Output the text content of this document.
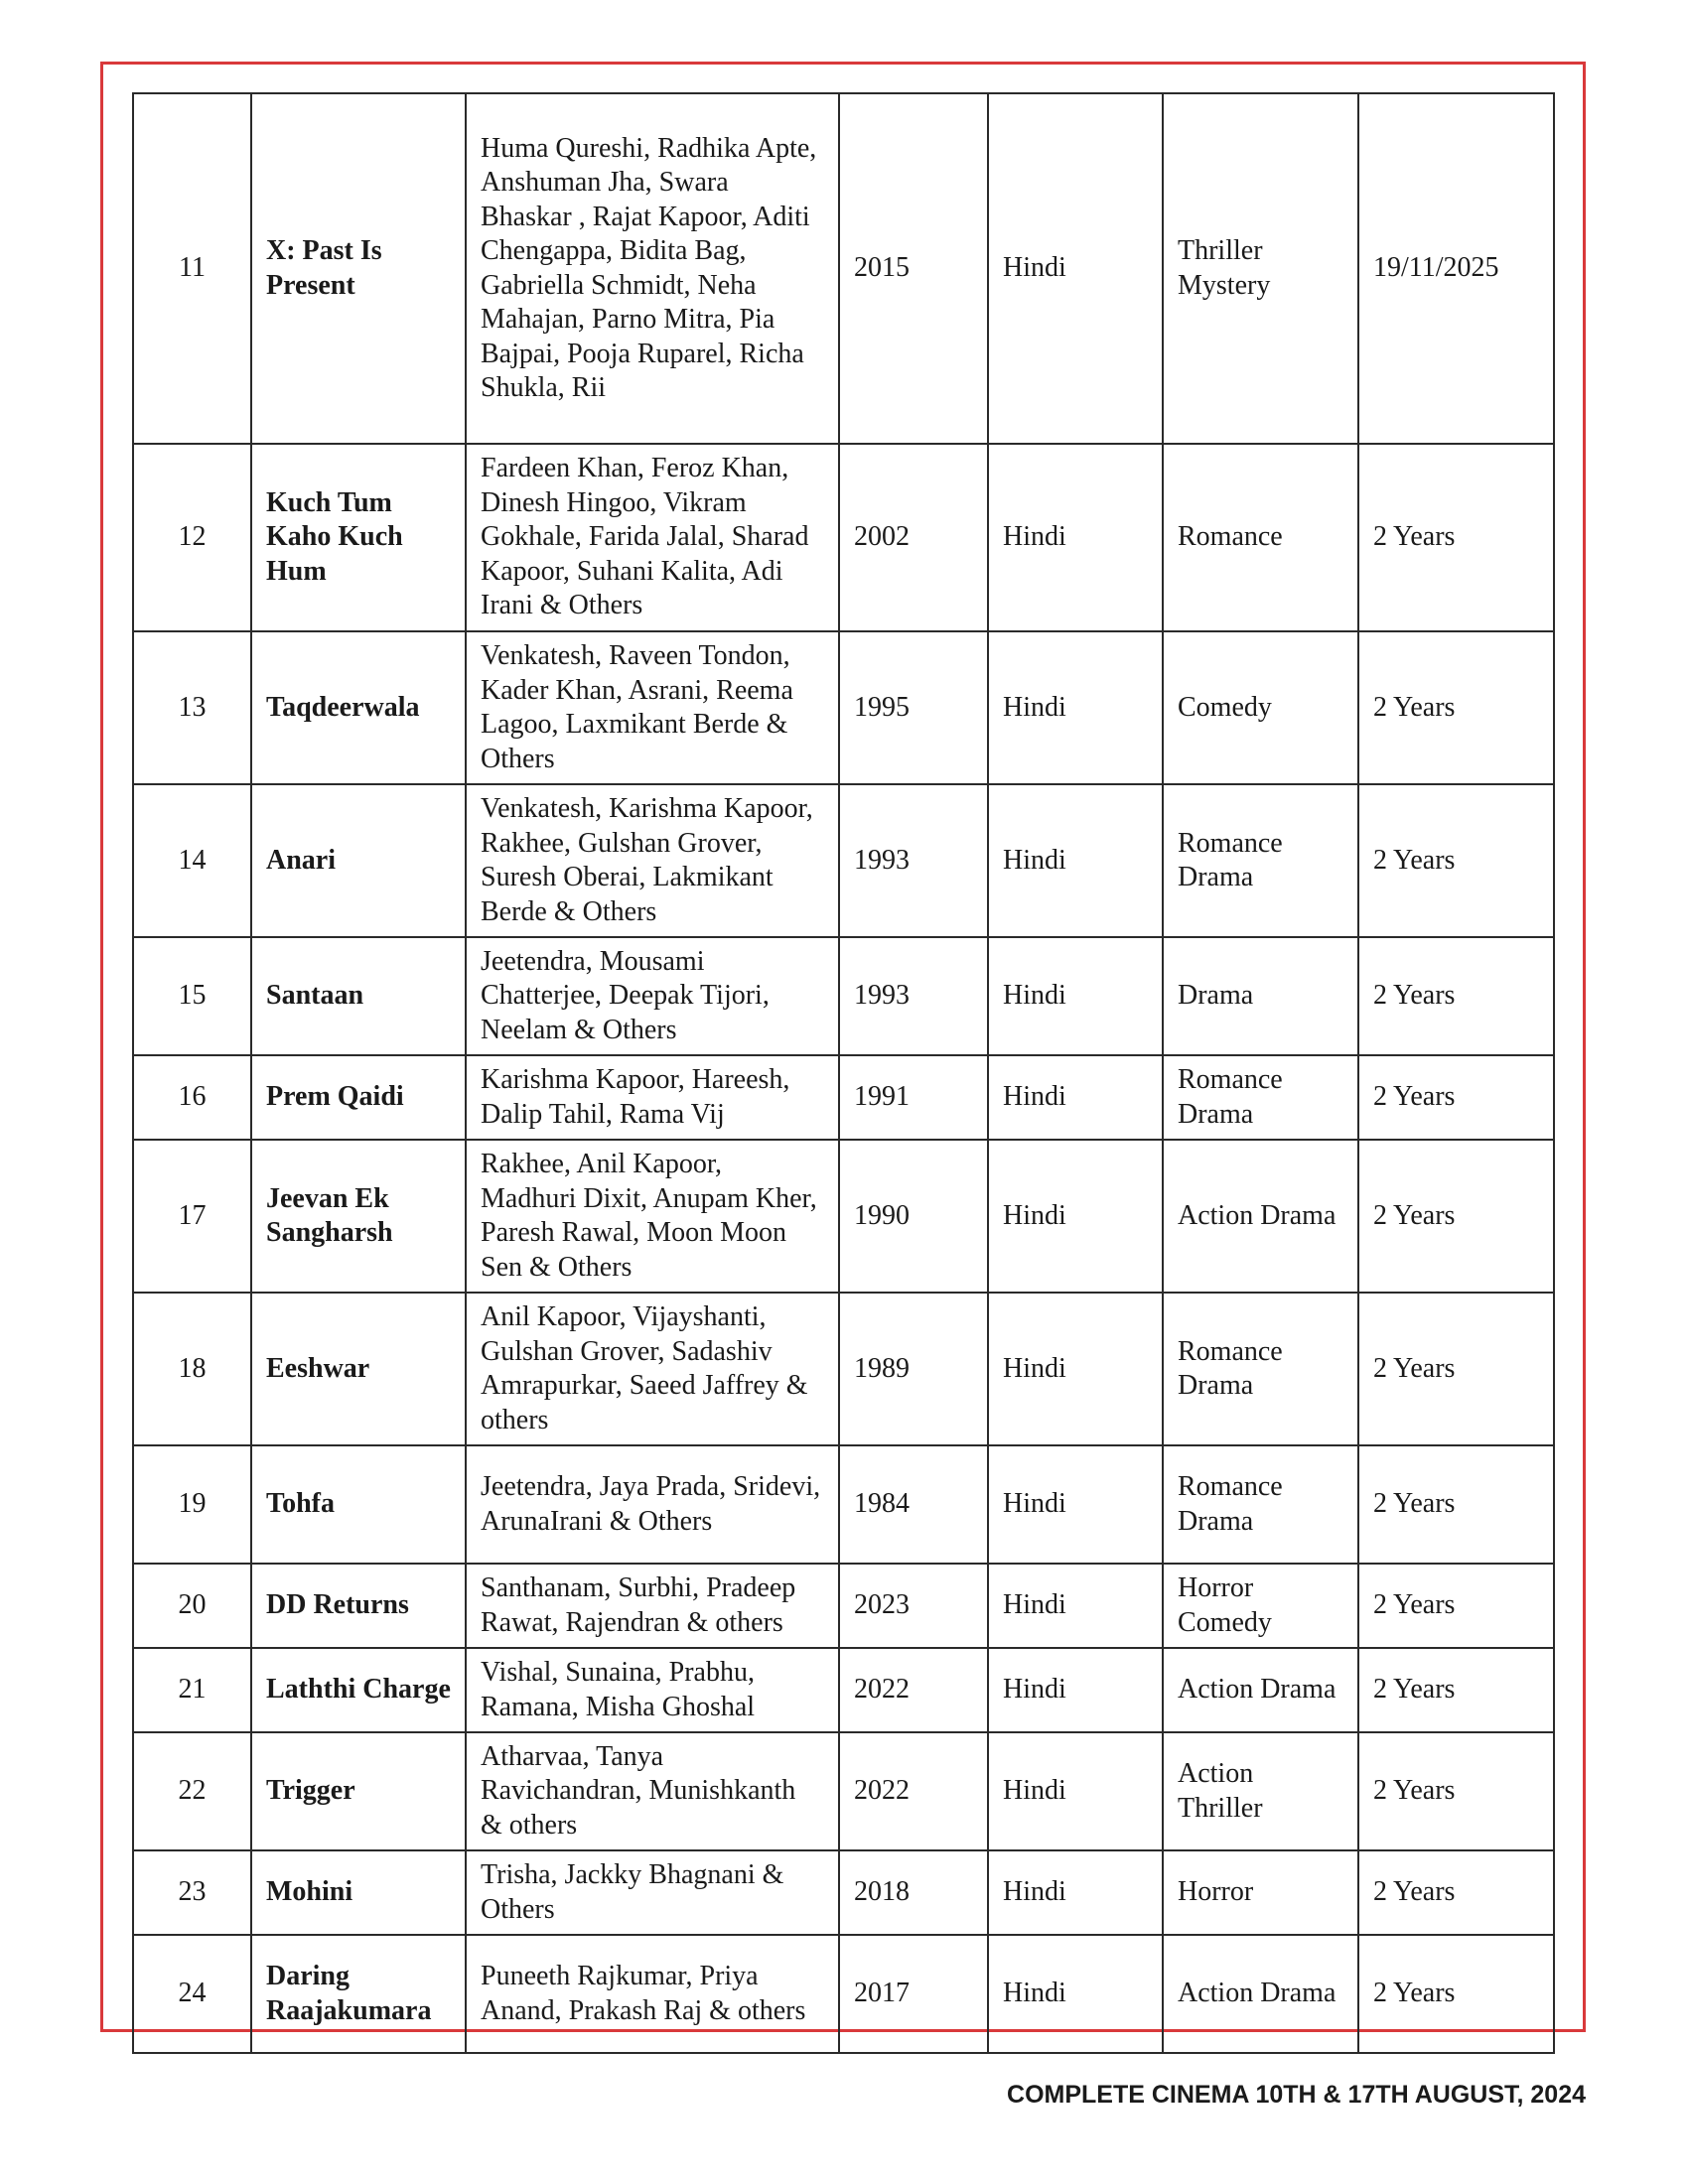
11	X: Past Is Present	Huma Qureshi, Radhika Apte, Anshuman Jha, Swara Bhaskar , Rajat Kapoor, Aditi Chengappa, Bidita Bag, Gabriella Schmidt, Neha Mahajan, Parno Mitra, Pia Bajpai, Pooja Ruparel, Richa Shukla, Rii	2015	Hindi	Thriller Mystery	19/11/2025
12	Kuch Tum Kaho Kuch Hum	Fardeen Khan, Feroz Khan, Dinesh Hingoo, Vikram Gokhale, Farida Jalal, Sharad Kapoor, Suhani Kalita, Adi Irani & Others	2002	Hindi	Romance	2 Years
13	Taqdeerwala	Venkatesh, Raveen Tondon, Kader Khan, Asrani, Reema Lagoo, Laxmikant Berde & Others	1995	Hindi	Comedy	2 Years
14	Anari	Venkatesh, Karishma Kapoor, Rakhee, Gulshan Grover, Suresh Oberai, Lakmikant Berde & Others	1993	Hindi	Romance Drama	2 Years
15	Santaan	Jeetendra, Mousami Chatterjee, Deepak Tijori, Neelam & Others	1993	Hindi	Drama	2 Years
16	Prem Qaidi	Karishma Kapoor, Hareesh, Dalip Tahil, Rama Vij	1991	Hindi	Romance Drama	2 Years
17	Jeevan Ek Sangharsh	Rakhee, Anil Kapoor, Madhuri Dixit, Anupam Kher, Paresh Rawal, Moon Moon Sen & Others	1990	Hindi	Action Drama	2 Years
18	Eeshwar	Anil Kapoor, Vijayshanti, Gulshan Grover, Sadashiv Amrapurkar, Saeed Jaffrey & others	1989	Hindi	Romance Drama	2 Years
19	Tohfa	Jeetendra, Jaya Prada, Sridevi, ArunaIrani & Others	1984	Hindi	Romance Drama	2 Years
20	DD Returns	Santhanam, Surbhi, Pradeep Rawat, Rajendran & others	2023	Hindi	Horror Comedy	2 Years
21	Laththi Charge	Vishal, Sunaina, Prabhu, Ramana, Misha Ghoshal	2022	Hindi	Action Drama	2 Years
22	Trigger	Atharvaa, Tanya Ravichandran, Munishkanth & others	2022	Hindi	Action Thriller	2 Years
23	Mohini	Trisha, Jackky Bhagnani & Others	2018	Hindi	Horror	2 Years
24	Daring Raajakumara	Puneeth Rajkumar, Priya Anand, Prakash Raj & others	2017	Hindi	Action Drama	2 Years
COMPLETE CINEMA 10TH & 17TH AUGUST, 2024
